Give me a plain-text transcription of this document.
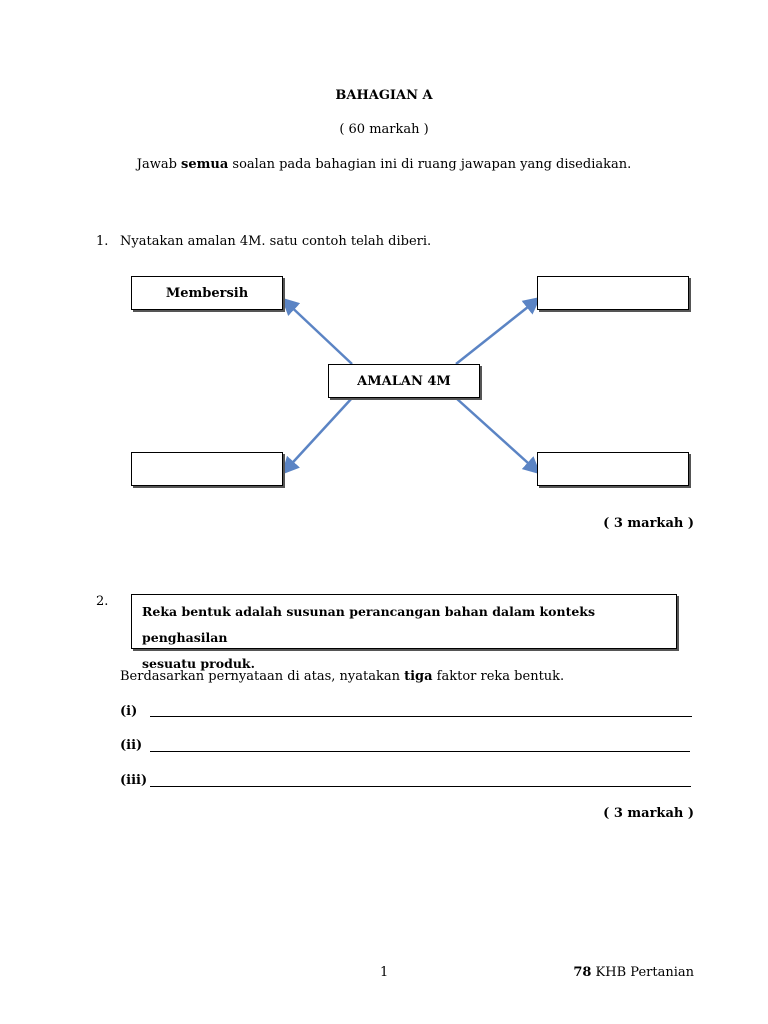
BAHAGIAN A
( 60 markah )
Jawab semua soalan pada bahagian ini di ruang jawapan yang disediakan.
1. Nyatakan amalan 4M. satu contoh telah diberi.
Membersih
AMALAN 4M
( 3 markah )
2.
Reka bentuk adalah susunan perancangan bahan dalam konteks penghasilan
sesuatu produk.
Berdasarkan pernyataan di atas, nyatakan tiga faktor reka bentuk.
(i)
(ii)
(iii)
( 3 markah )
1	78 KHB Pertanian
